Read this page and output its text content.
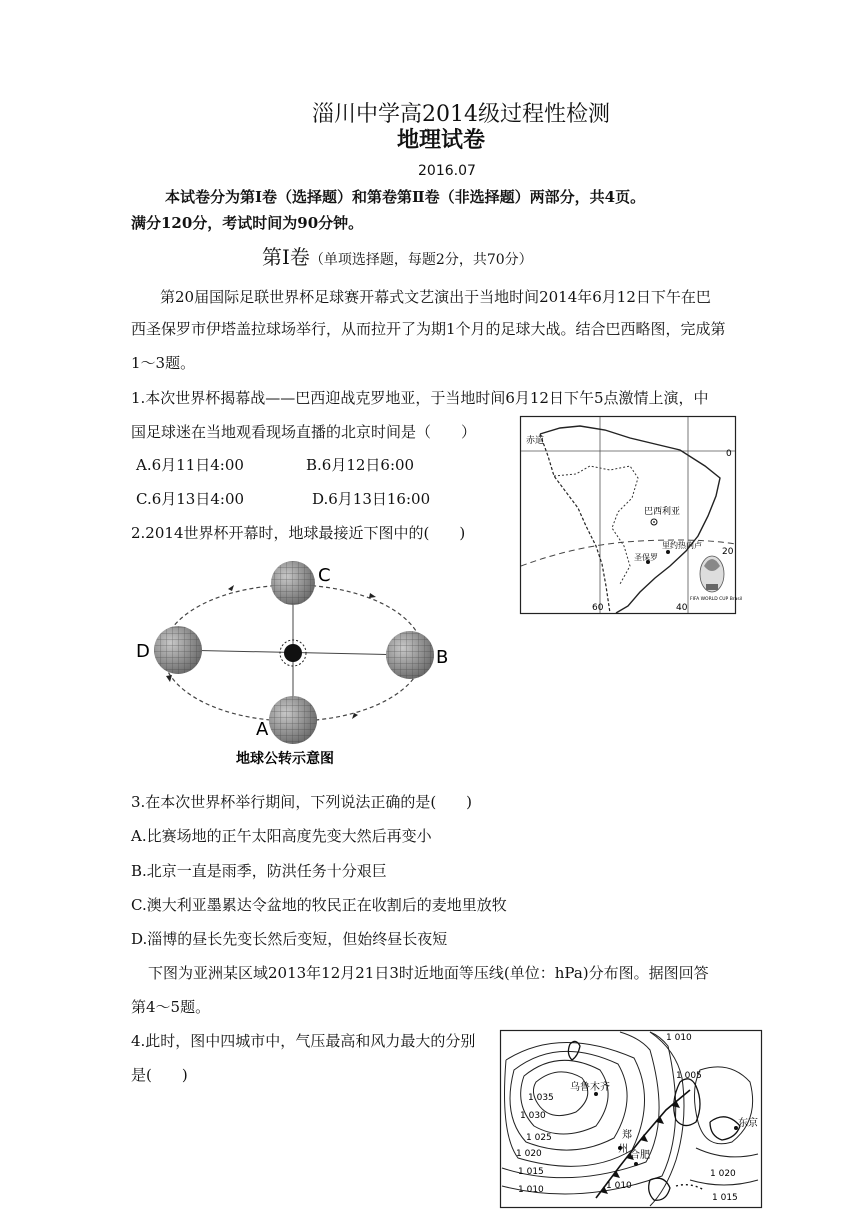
淄川中学高2014级过程性检测
地理试卷
2016.07
本试卷分为第Ⅰ卷（选择题）和第卷第Ⅱ卷（非选择题）两部分，共4页。
满分120分，考试时间为90分钟。
第Ⅰ卷（单项选择题，每题2分，共70分）
第20届国际足联世界杯足球赛开幕式文艺演出于当地时间2014年6月12日下午在巴
西圣保罗市伊塔盖拉球场举行，从而拉开了为期1个月的足球大战。结合巴西略图，完成第
1～3题。
1.本次世界杯揭幕战——巴西迎战克罗地亚，于当地时间6月12日下午5点激情上演，中
国足球迷在当地观看现场直播的北京时间是（　　）
A.6月11日4:00	B.6月12日6:00
C.6月13日4:00	D.6月13日16:00
2.2014世界杯开幕时，地球最接近下图中的(　　)
赤道
0
巴西利亚
里约热内卢
圣保罗
20
60	40
FIFA WORLD CUP Brasil
C
D	B
A
地球公转示意图
3.在本次世界杯举行期间，下列说法正确的是(　　)
A.比赛场地的正午太阳高度先变大然后再变小
B.北京一直是雨季，防洪任务十分艰巨
C.澳大利亚墨累达令盆地的牧民正在收割后的麦地里放牧
D.淄博的昼长先变长然后变短，但始终昼长夜短
下图为亚洲某区域2013年12月21日3时近地面等压线(单位：hPa)分布图。据图回答
第4～5题。
4.此时，图中四城市中，气压最高和风力最大的分别
是(　　)
1 010
1 005
1 035
1 030
1 025
1 020
1 015
1 010	1 010
1 020
1 015
乌鲁木齐
郑
州
合肥
东京
